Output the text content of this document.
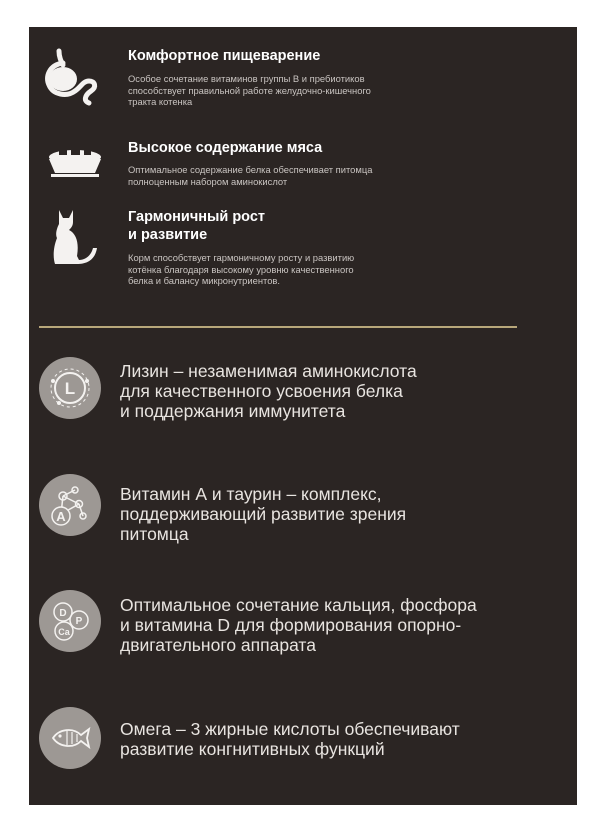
Комфортное пищеварение
Особое сочетание витаминов группы В и пребиотиков
способствует правильной работе желудочно-кишечного
тракта котенка
Высокое содержание мяса
Оптимальное содержание белка обеспечивает питомца
полноценным набором аминокислот
Гармоничный рост
и развитие
Корм способствует гармоничному росту и развитию
котёнка благодаря высокому уровню качественного
белка и балансу микронутриентов.
L
Лизин – незаменимая аминокислота
для качественного усвоения белка
и поддержания иммунитета
A
Витамин А и таурин – комплекс,
поддерживающий развитие зрения
питомца
D
P
Ca
Оптимальное сочетание кальция, фосфора
и витамина D для формирования опорно-
двигательного аппарата
Омега – 3 жирные кислоты обеспечивают
развитие конгнитивных функций
